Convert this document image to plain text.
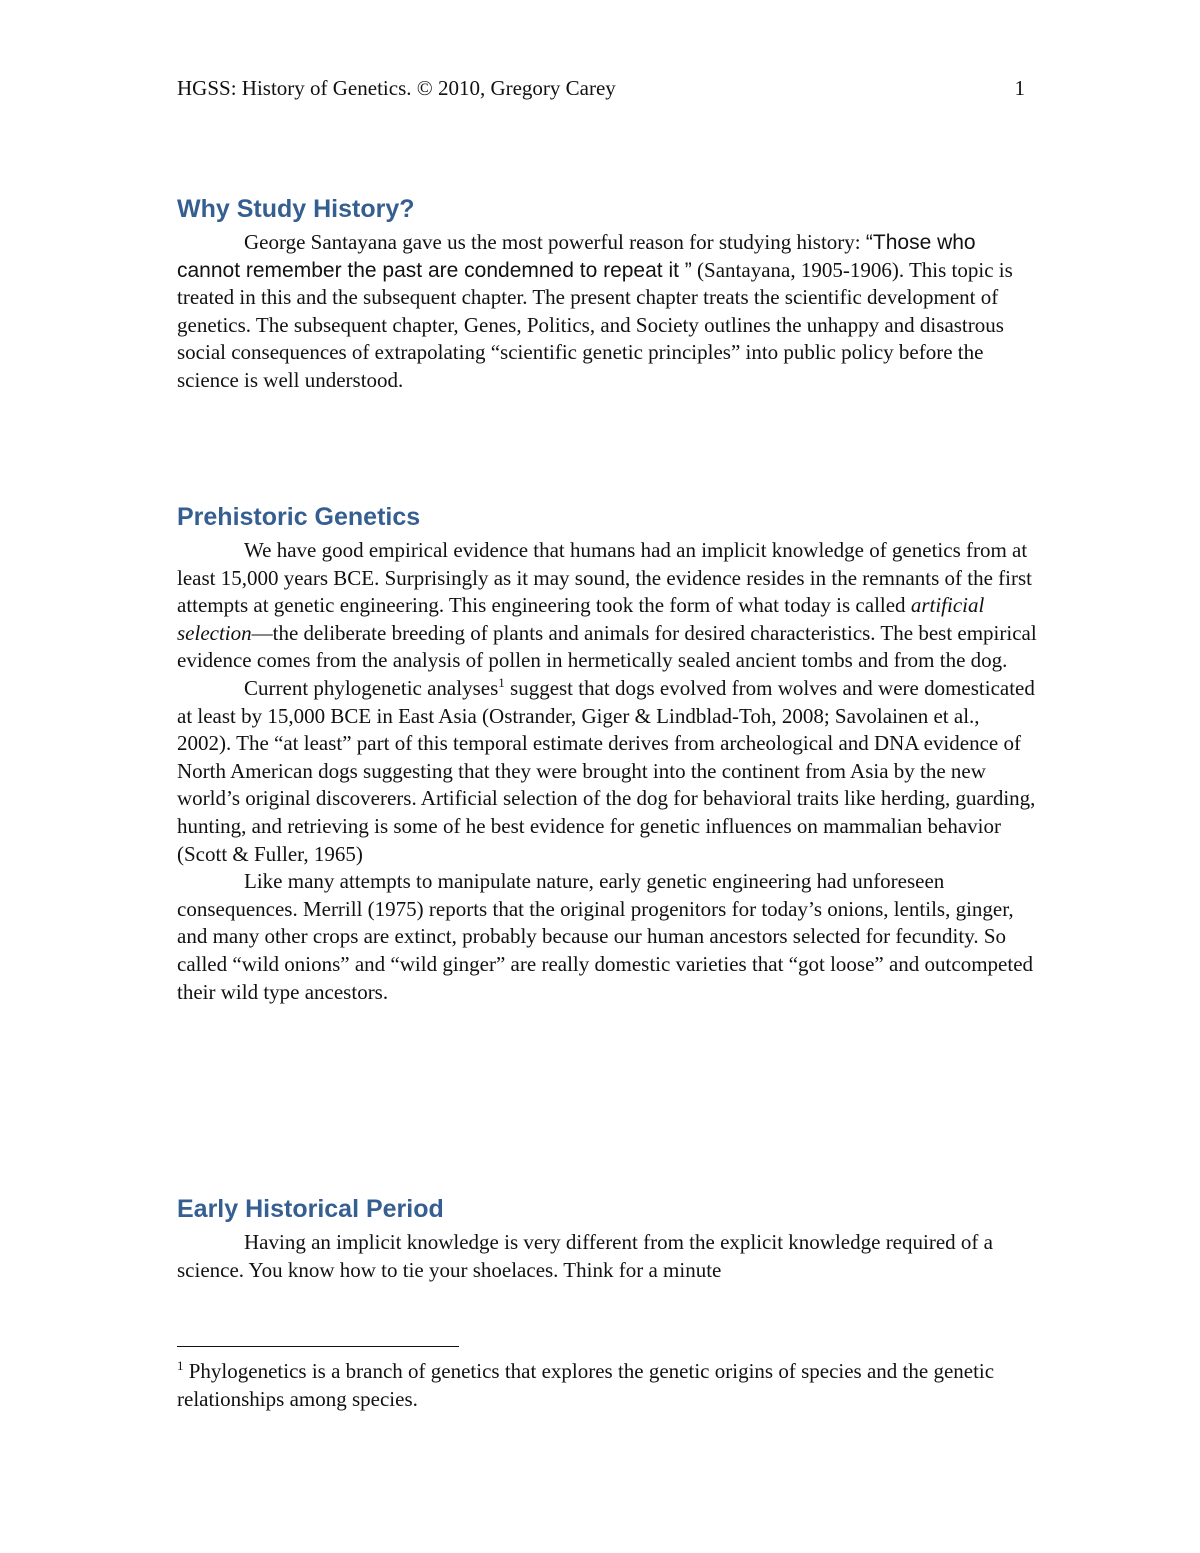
HGSS: History of Genetics. © 2010, Gregory Carey	1
Why Study History?

George Santayana gave us the most powerful reason for studying history: “Those who cannot remember the past are condemned to repeat it ” (Santayana, 1905-1906). This topic is treated in this and the subsequent chapter. The present chapter treats the scientific development of genetics. The subsequent chapter, Genes, Politics, and Society outlines the unhappy and disastrous social consequences of extrapolating “scientific genetic principles” into public policy before the science is well understood.

Prehistoric Genetics

We have good empirical evidence that humans had an implicit knowledge of genetics from at least 15,000 years BCE. Surprisingly as it may sound, the evidence resides in the remnants of the first attempts at genetic engineering. This engineering took the form of what today is called artificial selection—the deliberate breeding of plants and animals for desired characteristics. The best empirical evidence comes from the analysis of pollen in hermetically sealed ancient tombs and from the dog.

Current phylogenetic analyses$^1$ suggest that dogs evolved from wolves and were domesticated at least by 15,000 BCE in East Asia (Ostrander, Giger & Lindblad-Toh, 2008; Savolainen et al., 2002). The “at least” part of this temporal estimate derives from archeological and DNA evidence of North American dogs suggesting that they were brought into the continent from Asia by the new world’s original discoverers. Artificial selection of the dog for behavioral traits like herding, guarding, hunting, and retrieving is some of he best evidence for genetic influences on mammalian behavior (Scott & Fuller, 1965)

Like many attempts to manipulate nature, early genetic engineering had unforeseen consequences. Merrill (1975) reports that the original progenitors for today’s onions, lentils, ginger, and many other crops are extinct, probably because our human ancestors selected for fecundity. So called “wild onions” and “wild ginger” are really domestic varieties that “got loose” and outcompeted their wild type ancestors.

Early Historical Period

Having an implicit knowledge is very different from the explicit knowledge required of a science. You know how to tie your shoelaces. Think for a minute

$^1$ Phylogenetics is a branch of genetics that explores the genetic origins of species and the genetic relationships among species.
